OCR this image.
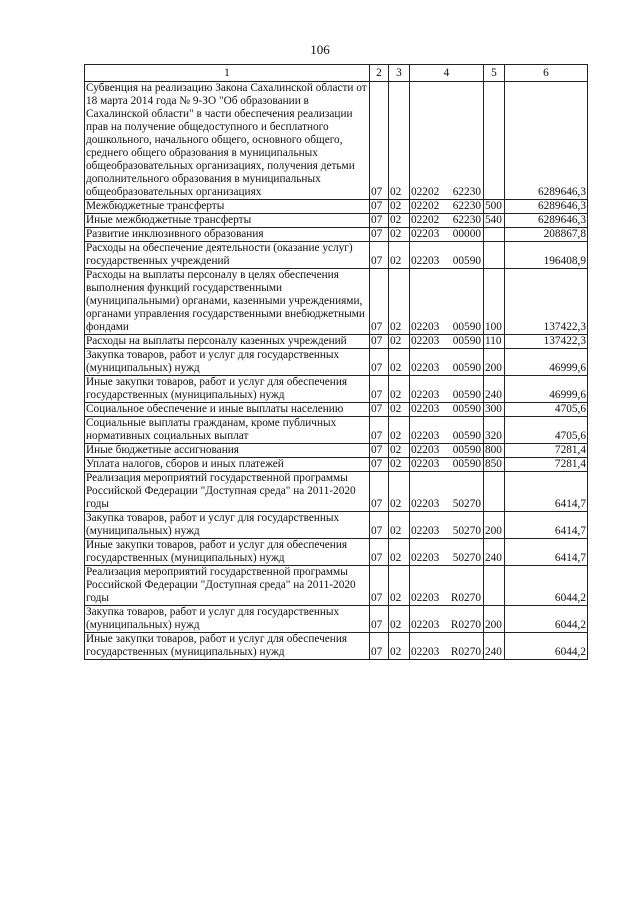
106
1	2	3	4	5	6
Субвенция на реализацию Закона Сахалинской области от 18 марта 2014 года № 9-ЗО "Об образовании в Сахалинской области" в части обеспечения реализации прав на получение общедоступного и бесплатного дошкольного, начального общего, основного общего, среднего общего образования в муниципальных общеобразовательных организациях, получения детьми дополнительного образования в муниципальных общеобразовательных организациях	07	02	02202 62230		6289646,3
Межбюджетные трансферты	07	02	02202 62230	500	6289646,3
Иные межбюджетные трансферты	07	02	02202 62230	540	6289646,3
Развитие инклюзивного образования	07	02	02203 00000		208867,8
Расходы на обеспечение деятельности (оказание услуг) государственных учреждений	07	02	02203 00590		196408,9
Расходы на выплаты персоналу в целях обеспечения выполнения функций государственными (муниципальными) органами, казенными учреждениями, органами управления государственными внебюджетными фондами	07	02	02203 00590	100	137422,3
Расходы на выплаты персоналу казенных учреждений	07	02	02203 00590	110	137422,3
Закупка товаров, работ и услуг для государственных (муниципальных) нужд	07	02	02203 00590	200	46999,6
Иные закупки товаров, работ и услуг для обеспечения государственных (муниципальных) нужд	07	02	02203 00590	240	46999,6
Социальное обеспечение и иные выплаты населению	07	02	02203 00590	300	4705,6
Социальные выплаты гражданам, кроме публичных нормативных социальных выплат	07	02	02203 00590	320	4705,6
Иные бюджетные ассигнования	07	02	02203 00590	800	7281,4
Уплата налогов, сборов и иных платежей	07	02	02203 00590	850	7281,4
Реализация мероприятий государственной программы Российской Федерации "Доступная среда" на 2011-2020 годы	07	02	02203 50270		6414,7
Закупка товаров, работ и услуг для государственных (муниципальных) нужд	07	02	02203 50270	200	6414,7
Иные закупки товаров, работ и услуг для обеспечения государственных (муниципальных) нужд	07	02	02203 50270	240	6414,7
Реализация мероприятий государственной программы Российской Федерации "Доступная среда" на 2011-2020 годы	07	02	02203 R0270		6044,2
Закупка товаров, работ и услуг для государственных (муниципальных) нужд	07	02	02203 R0270	200	6044,2
Иные закупки товаров, работ и услуг для обеспечения государственных (муниципальных) нужд	07	02	02203 R0270	240	6044,2
